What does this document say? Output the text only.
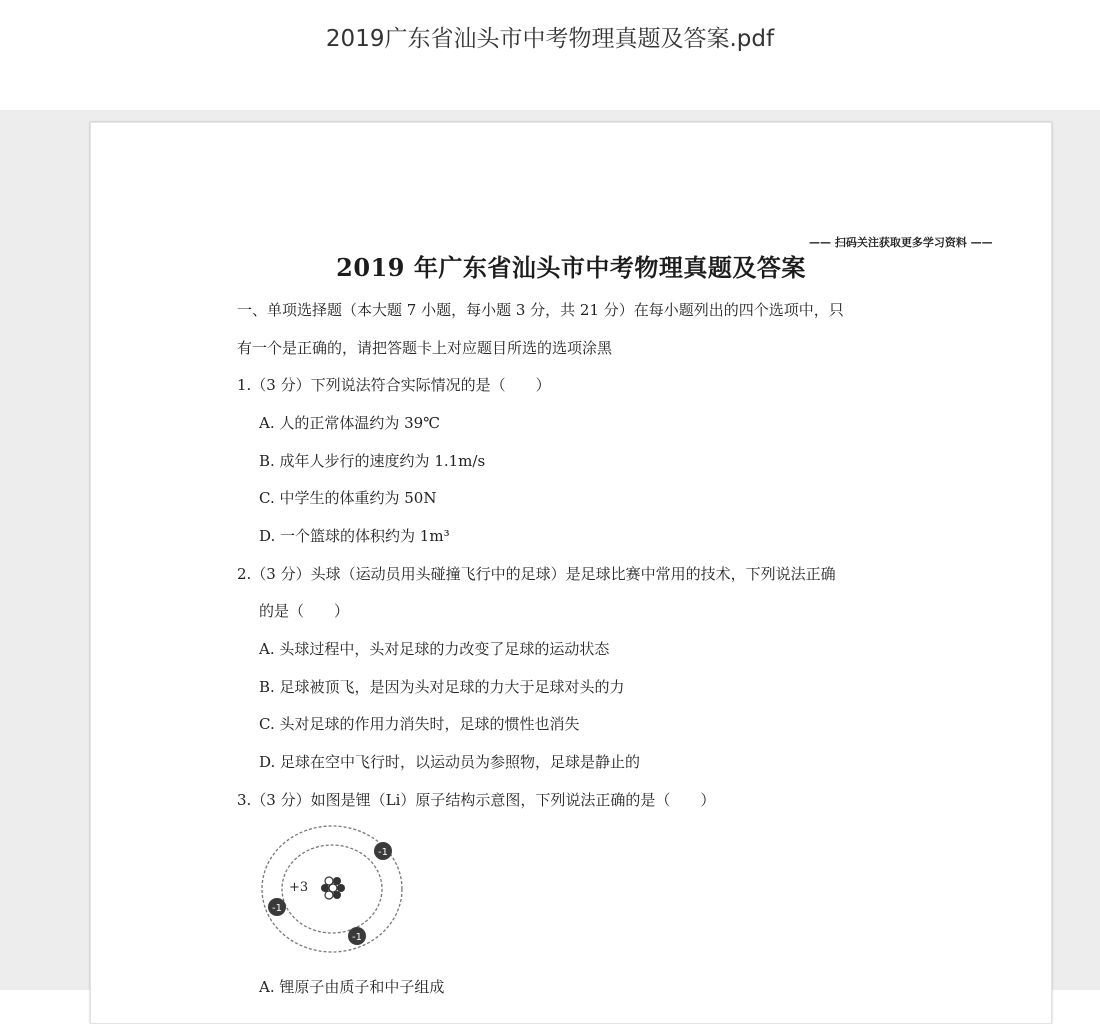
2019广东省汕头市中考物理真题及答案.pdf
—— 扫码关注获取更多学习资料 ——
2019 年广东省汕头市中考物理真题及答案
一、单项选择题（本大题 7 小题，每小题 3 分，共 21 分）在每小题列出的四个选项中，只
有一个是正确的，请把答题卡上对应题目所选的选项涂黑
1.（3 分）下列说法符合实际情况的是（　　）
A. 人的正常体温约为 39℃
B. 成年人步行的速度约为 1.1m/s
C. 中学生的体重约为 50N
D. 一个篮球的体积约为 1m³
2.（3 分）头球（运动员用头碰撞飞行中的足球）是足球比赛中常用的技术，下列说法正确
的是（　　）
A. 头球过程中，头对足球的力改变了足球的运动状态
B. 足球被顶飞，是因为头对足球的力大于足球对头的力
C. 头对足球的作用力消失时，足球的惯性也消失
D. 足球在空中飞行时，以运动员为参照物，足球是静止的
3.（3 分）如图是锂（Li）原子结构示意图，下列说法正确的是（　　）
+3
-1
-1
-1
A. 锂原子由质子和中子组成
